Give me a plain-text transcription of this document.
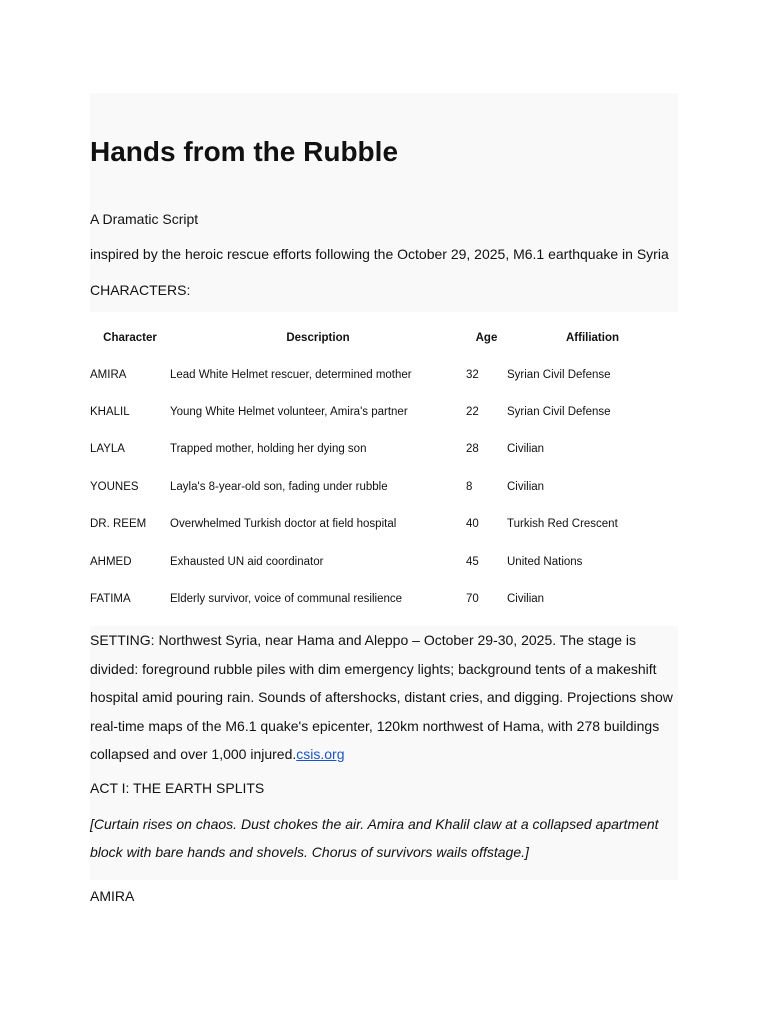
Hands from the Rubble

A Dramatic Script

inspired by the heroic rescue efforts following the October 29, 2025, M6.1 earthquake in Syria

CHARACTERS:

Character	Description	Age	Affiliation
AMIRA	Lead White Helmet rescuer, determined mother	32	Syrian Civil Defense
KHALIL	Young White Helmet volunteer, Amira's partner	22	Syrian Civil Defense
LAYLA	Trapped mother, holding her dying son	28	Civilian
YOUNES	Layla's 8-year-old son, fading under rubble	8	Civilian
DR. REEM	Overwhelmed Turkish doctor at field hospital	40	Turkish Red Crescent
AHMED	Exhausted UN aid coordinator	45	United Nations
FATIMA	Elderly survivor, voice of communal resilience	70	Civilian

SETTING: Northwest Syria, near Hama and Aleppo – October 29-30, 2025. The stage is divided: foreground rubble piles with dim emergency lights; background tents of a makeshift hospital amid pouring rain. Sounds of aftershocks, distant cries, and digging. Projections show real-time maps of the M6.1 quake's epicenter, 120km northwest of Hama, with 278 buildings collapsed and over 1,000 injured.csis.org

ACT I: THE EARTH SPLITS

[Curtain rises on chaos. Dust chokes the air. Amira and Khalil claw at a collapsed apartment block with bare hands and shovels. Chorus of survivors wails offstage.]

AMIRA
